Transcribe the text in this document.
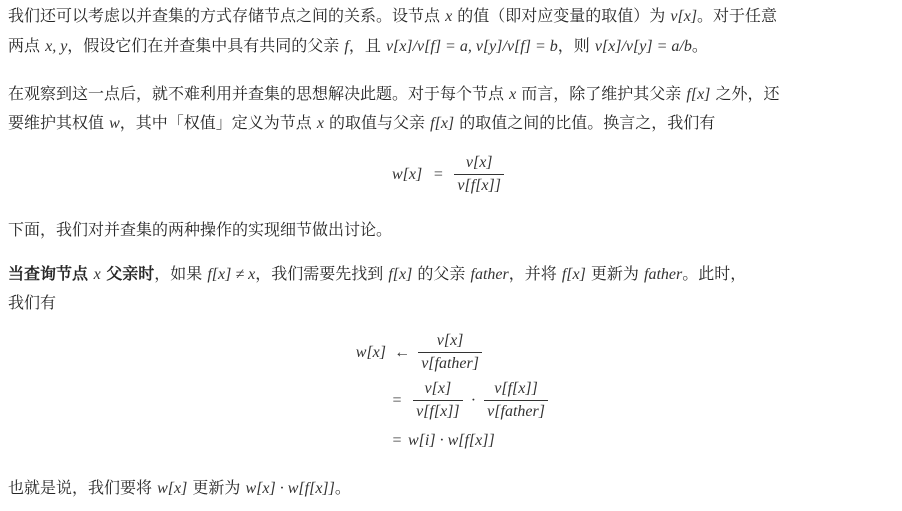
我们还可以考虑以并查集的方式存储节点之间的关系。设节点 x 的值（即对应变量的取值）为 v[x]。对于任意
两点 x, y，假设它们在并查集中具有共同的父亲 f，且 v[x]/v[f] = a, v[y]/v[f] = b，则 v[x]/v[y] = a/b。
在观察到这一点后，就不难利用并查集的思想解决此题。对于每个节点 x 而言，除了维护其父亲 f[x] 之外，还
要维护其权值 w，其中「权值」定义为节点 x 的取值与父亲 f[x] 的取值之间的比值。换言之，我们有
$w[x] = \frac{v[x]}{v[f[x]]}$
下面，我们对并查集的两种操作的实现细节做出讨论。
当查询节点 x 父亲时，如果 f[x] ≠ x，我们需要先找到 f[x] 的父亲 father，并将 f[x] 更新为 father。此时，
我们有
w[x] ← $\frac{v[x]}{\text{v[father]}}$
= $\frac{v[x]}{v[f[x]]} \cdot \frac{v[f[x]]}{\text{v[father]}}$
= w[i] · w[f[x]]
也就是说，我们要将 w[x] 更新为 w[x] · w[f[x]]。
